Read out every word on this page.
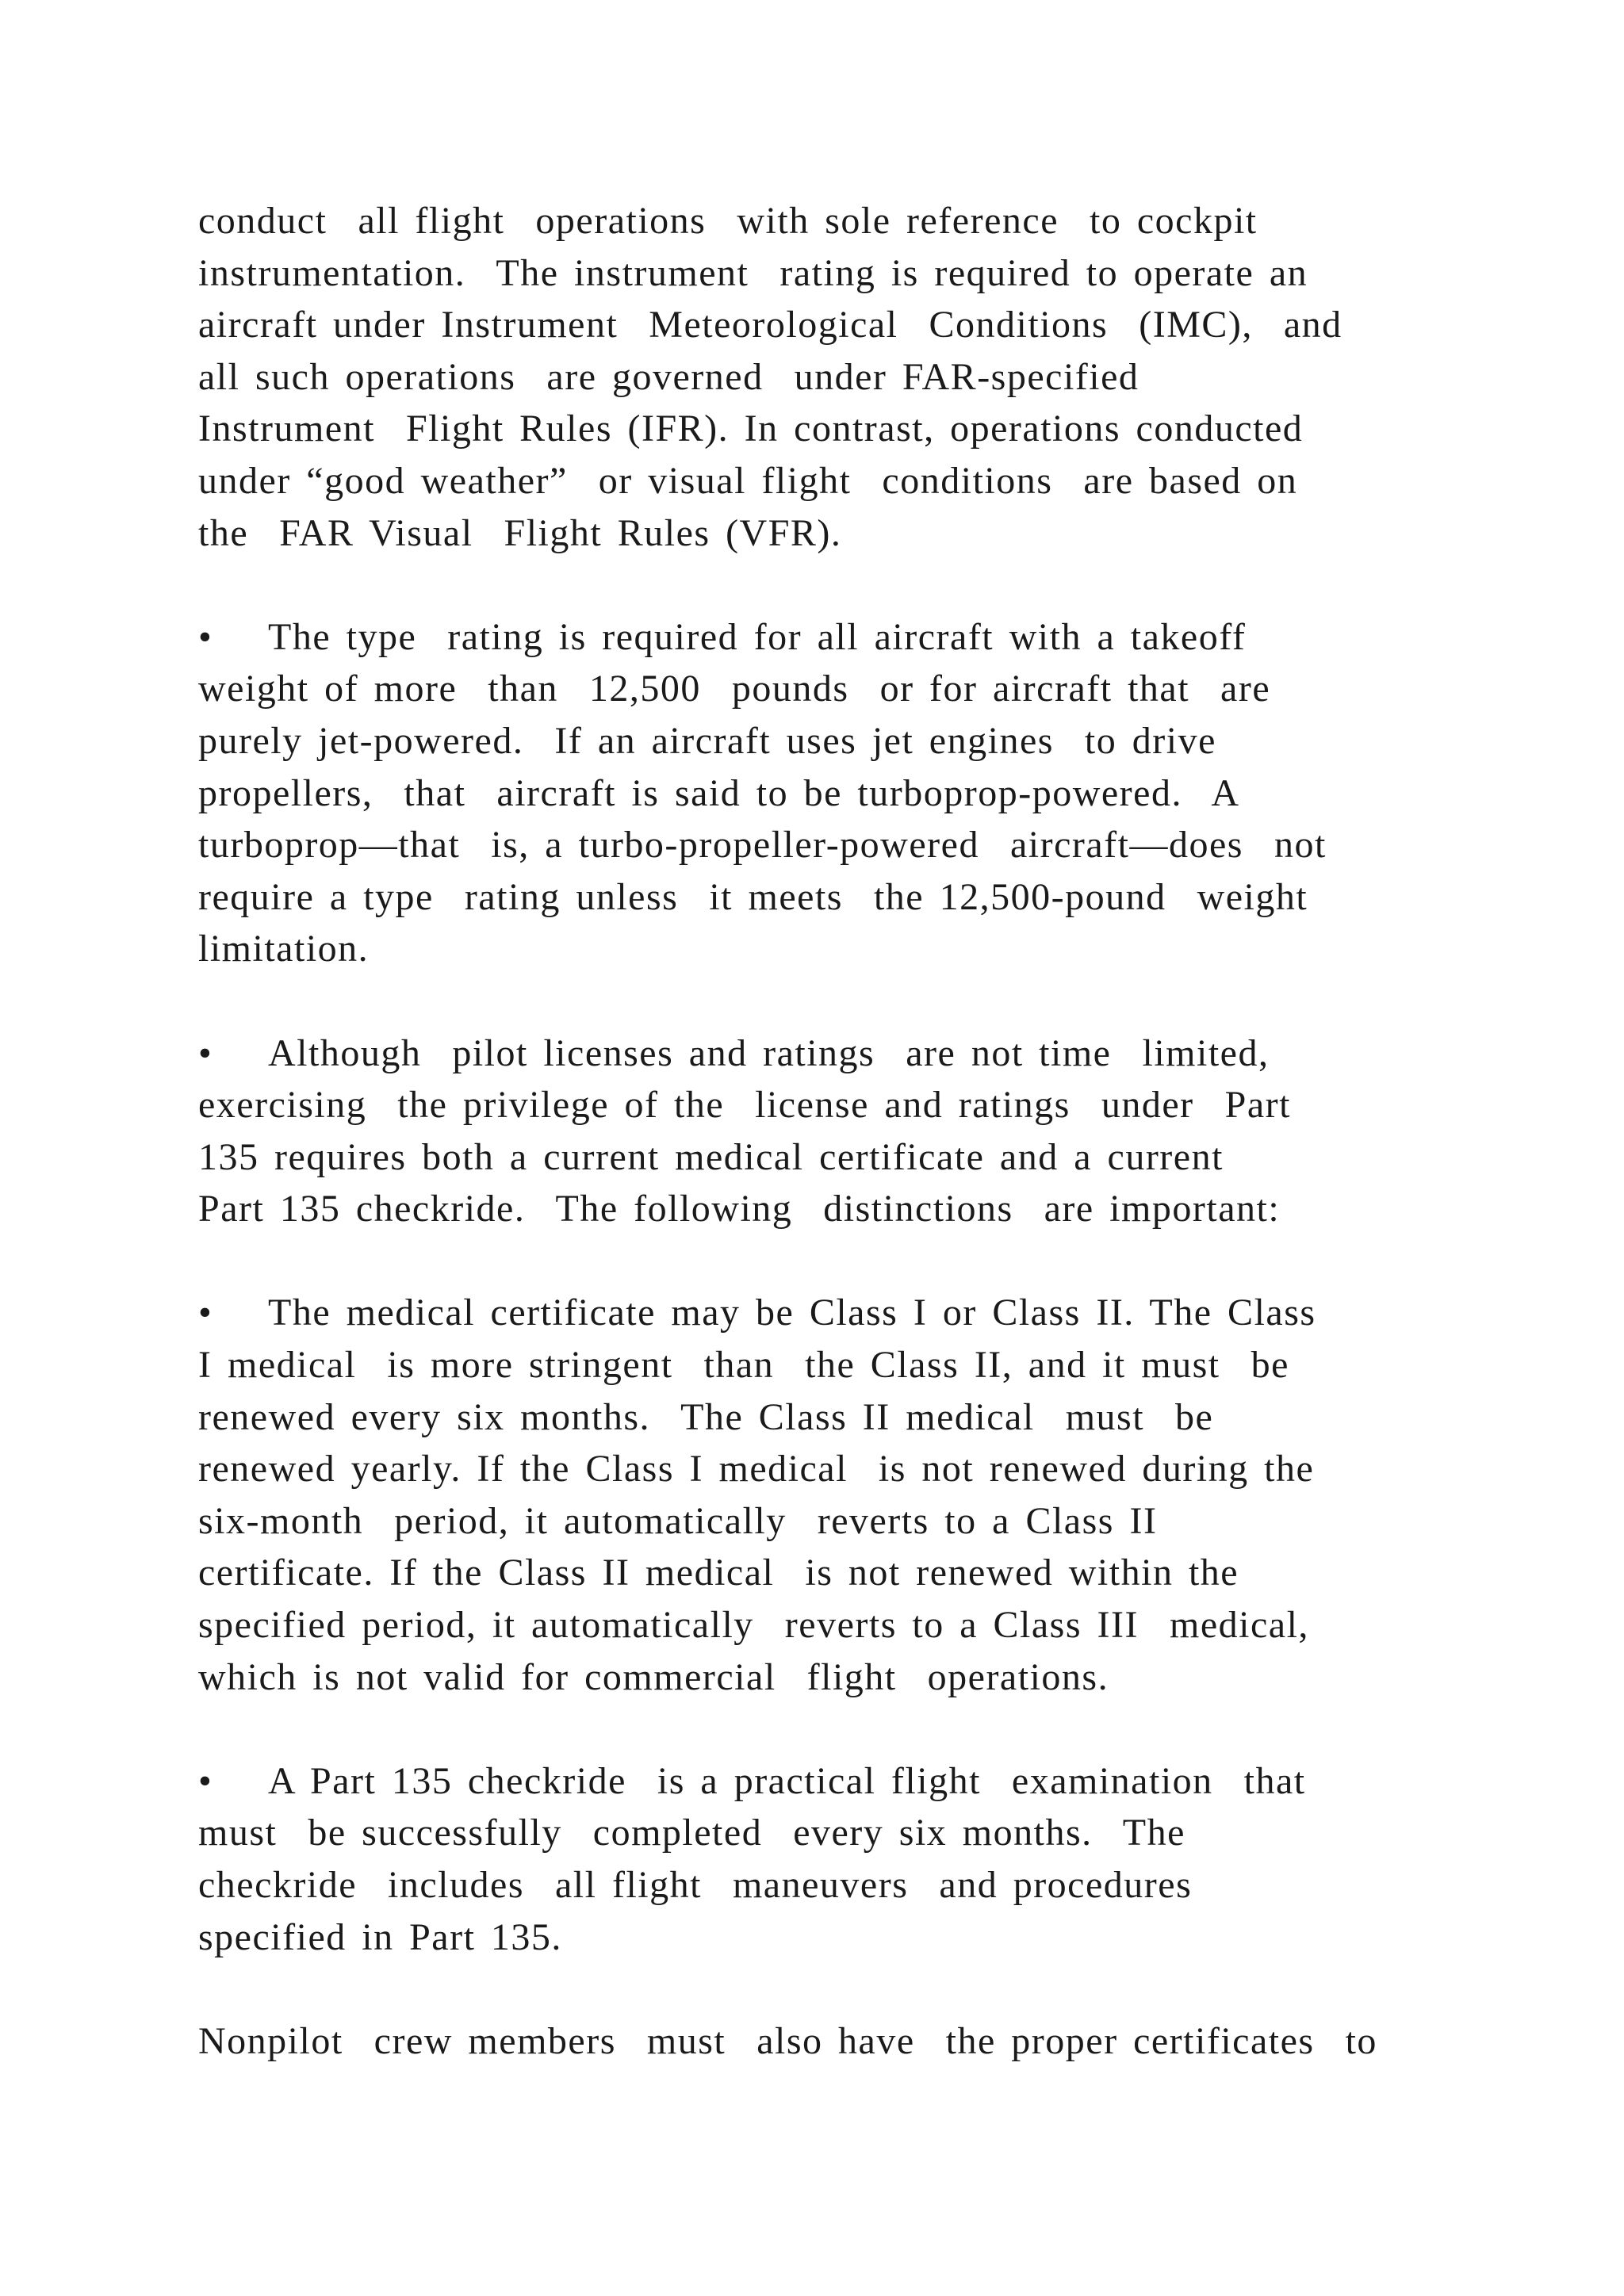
conduct  all flight  operations  with sole reference  to cockpit
instrumentation.  The instrument  rating is required to operate an
aircraft under Instrument  Meteorological  Conditions  (IMC),  and
all such operations  are governed  under FAR-specified
Instrument  Flight Rules (IFR). In contrast, operations conducted
under “good weather”  or visual flight  conditions  are based on
the  FAR Visual  Flight Rules (VFR).
• The type  rating is required for all aircraft with a takeoff
weight of more  than  12,500  pounds  or for aircraft that  are
purely jet-powered.  If an aircraft uses jet engines  to drive
propellers,  that  aircraft is said to be turboprop-powered.  A
turboprop—that  is, a turbo-propeller-powered  aircraft—does  not
require a type  rating unless  it meets  the 12,500-pound  weight
limitation.
• Although  pilot licenses and ratings  are not time  limited,
exercising  the privilege of the  license and ratings  under  Part
135 requires both a current medical certificate and a current
Part 135 checkride.  The following  distinctions  are important:
• The medical certificate may be Class I or Class II. The Class
I medical  is more stringent  than  the Class II, and it must  be
renewed every six months.  The Class II medical  must  be
renewed yearly. If the Class I medical  is not renewed during the
six-month  period, it automatically  reverts to a Class II
certificate. If the Class II medical  is not renewed within the
specified period, it automatically  reverts to a Class III  medical,
which is not valid for commercial  flight  operations.
• A Part 135 checkride  is a practical flight  examination  that
must  be successfully  completed  every six months.  The
checkride  includes  all flight  maneuvers  and procedures
specified in Part 135.
Nonpilot  crew members  must  also have  the proper certificates  to
